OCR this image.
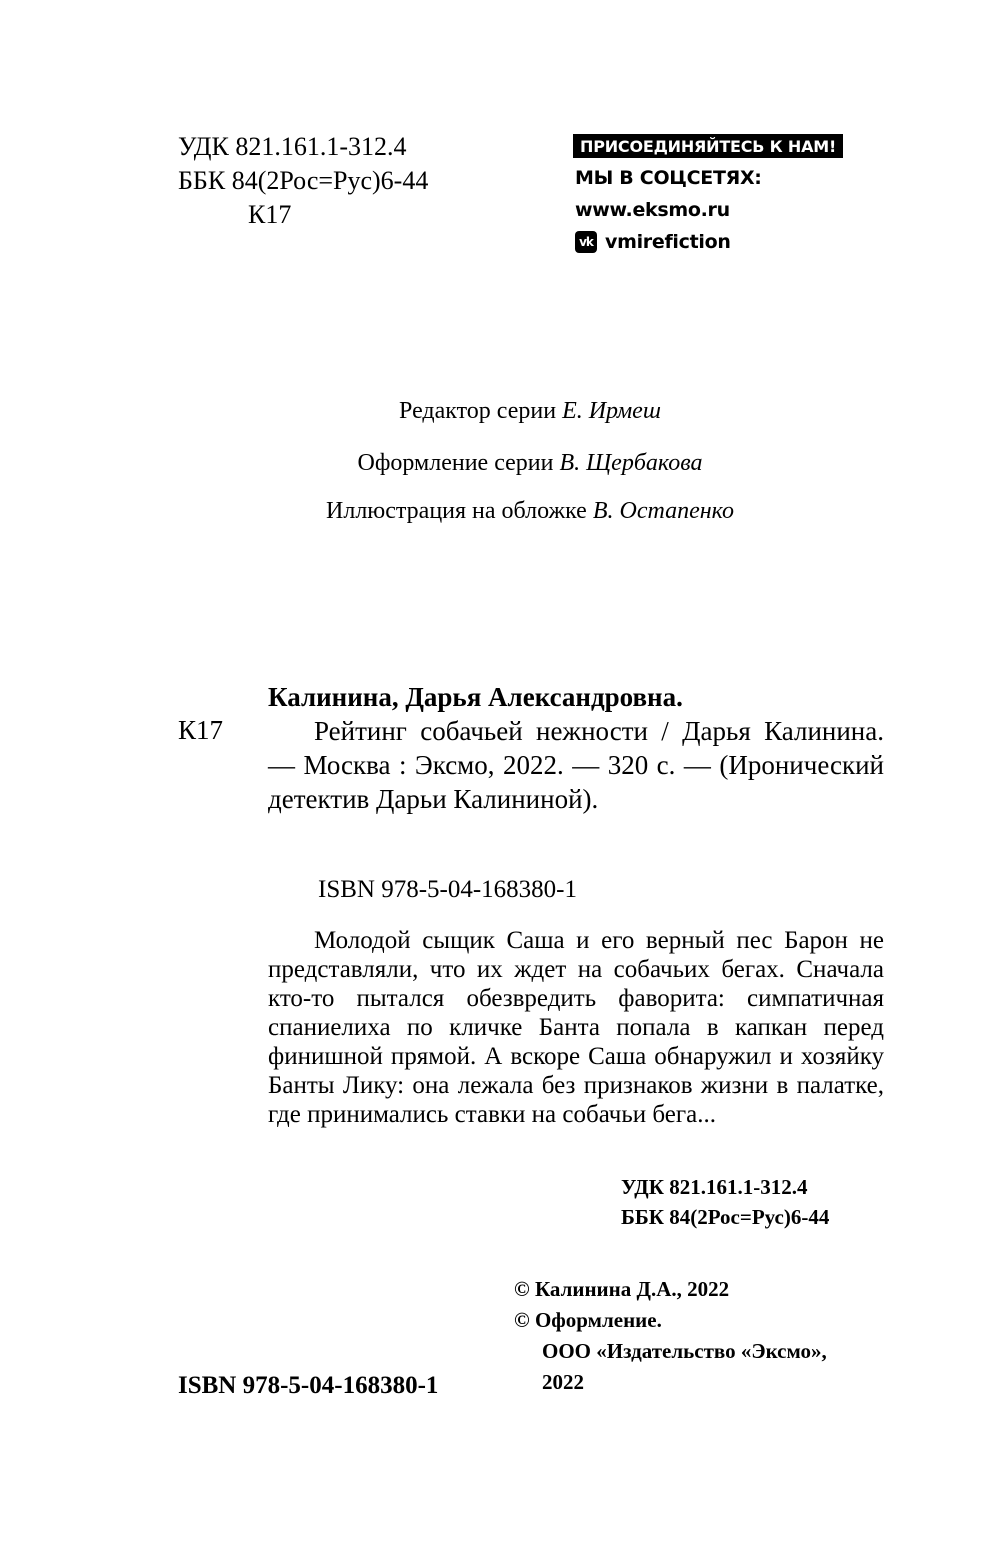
УДК 821.161.1-312.4
ББК 84(2Рос=Рус)6-44
К17
ПРИСОЕДИНЯЙТЕСЬ К НАМ!
МЫ В СОЦСЕТЯХ:
www.eksmo.ru
vk vmirefiction
Редактор серии Е. Ирмеш
Оформление серии В. Щербакова
Иллюстрация на обложке В. Остапенко
К17
Калинина, Дарья Александровна.
Рейтинг собачьей нежности / Дарья Калинина. — Москва : Эксмо, 2022. — 320 с. — (Иронический детектив Дарьи Калининой).
ISBN 978-5-04-168380-1
Молодой сыщик Саша и его верный пес Барон не представляли, что их ждет на собачьих бегах. Сначала кто-то пытался обезвредить фаворита: симпатичная спаниелиха по кличке Банта попала в капкан перед финишной прямой. А вскоре Саша обнаружил и хозяйку Банты Лику: она лежала без признаков жизни в палатке, где принимались ставки на собачьи бега...
УДК 821.161.1-312.4
ББК 84(2Рос=Рус)6-44
© Калинина Д.А., 2022
© Оформление.
ООО «Издательство «Эксмо»,
2022
ISBN 978-5-04-168380-1
